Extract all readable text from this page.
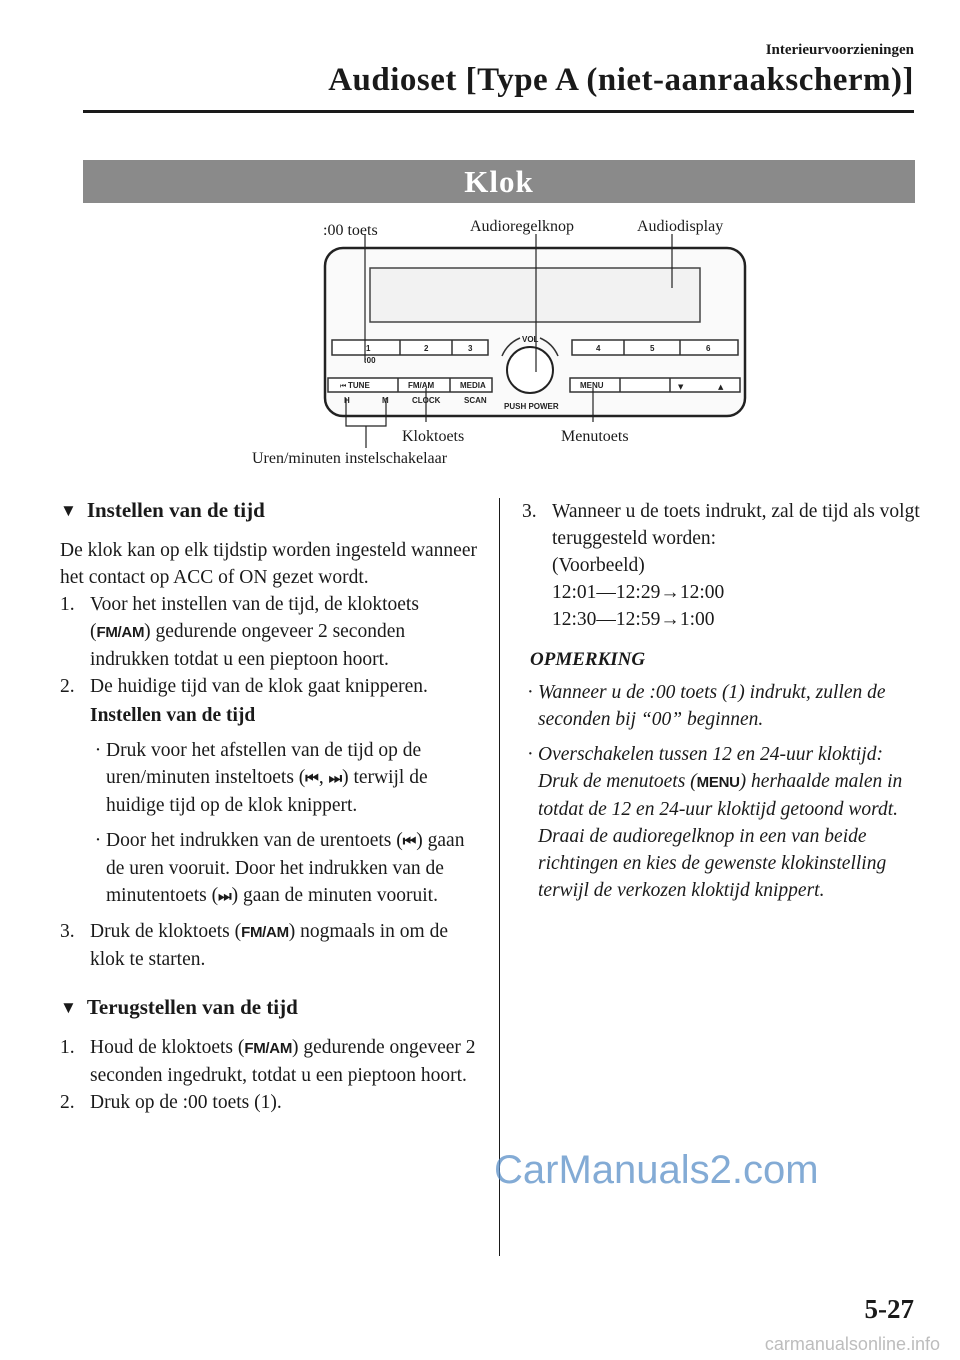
Interieurvoorzieningen
Audioset [Type A (niet-aanraakscherm)]
Klok
1
:00
2	3	4	5	6
VOL
TUNE	FM/AM	MEDIA
H	M	CLOCK	SCAN
PUSH POWER
MENU
⏮	▼	▲
:00 toets	Audioregelknop	Audiodisplay
Kloktoets	Menutoets
Uren/minuten instelschakelaar
▼ Instellen van de tijd

De klok kan op elk tijdstip worden ingesteld wanneer het contact op ACC of ON gezet wordt.

1. Voor het instellen van de tijd, de kloktoets (FM/AM) gedurende ongeveer 2 seconden indrukken totdat u een pieptoon hoort.
2. De huidige tijd van de klok gaat knipperen.
Instellen van de tijd
· Druk voor het afstellen van de tijd op de uren/minuten insteltoets (⏮, ⏭) terwijl de huidige tijd op de klok knippert.
· Door het indrukken van de urentoets (⏮) gaan de uren vooruit. Door het indrukken van de minutentoets (⏭) gaan de minuten vooruit.
3. Druk de kloktoets (FM/AM) nogmaals in om de klok te starten.
▼ Terugstellen van de tijd
1. Houd de kloktoets (FM/AM) gedurende ongeveer 2 seconden ingedrukt, totdat u een pieptoon hoort.
2. Druk op de :00 toets (1).
3. Wanneer u de toets indrukt, zal de tijd als volgt teruggesteld worden:
(Voorbeeld)
12:01―12:29→12:00
12:30―12:59→1:00
OPMERKING
· Wanneer u de :00 toets (1) indrukt, zullen de seconden bij “00” beginnen.
· Overschakelen tussen 12 en 24-uur kloktijd:
Druk de menutoets (MENU) herhaalde malen in totdat de 12 en 24-uur kloktijd getoond wordt. Draai de audioregelknop in een van beide richtingen en kies de gewenste klokinstelling terwijl de verkozen kloktijd knippert.
CarManuals2.com
5-27
carmanualsonline.info
